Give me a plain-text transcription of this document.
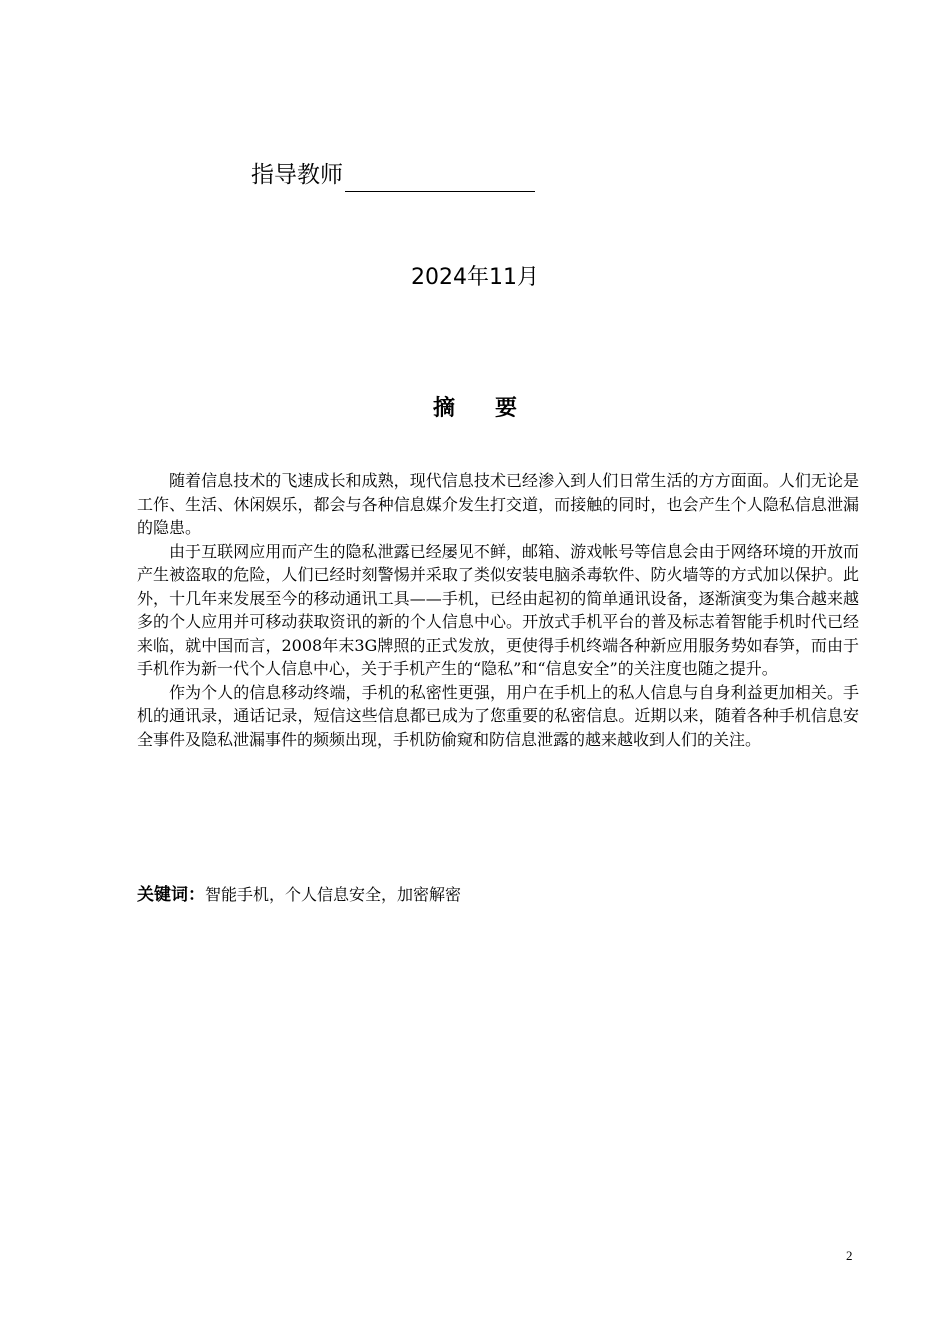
指导教师
2024年11月
摘要

随着信息技术的飞速成长和成熟，现代信息技术已经渗入到人们日常生活的方方面面。人们无论是工作、生活、休闲娱乐，都会与各种信息媒介发生打交道，而接触的同时，也会产生个人隐私信息泄漏的隐患。

由于互联网应用而产生的隐私泄露已经屡见不鲜，邮箱、游戏帐号等信息会由于网络环境的开放而产生被盗取的危险，人们已经时刻警惕并采取了类似安装电脑杀毒软件、防火墙等的方式加以保护。此外，十几年来发展至今的移动通讯工具——手机，已经由起初的简单通讯设备，逐渐演变为集合越来越多的个人应用并可移动获取资讯的新的个人信息中心。开放式手机平台的普及标志着智能手机时代已经来临，就中国而言，2008年末3G牌照的正式发放，更使得手机终端各种新应用服务势如春笋，而由于手机作为新一代个人信息中心，关于手机产生的“隐私”和“信息安全”的关注度也随之提升。

作为个人的信息移动终端，手机的私密性更强，用户在手机上的私人信息与自身利益更加相关。手机的通讯录，通话记录，短信这些信息都已成为了您重要的私密信息。近期以来，随着各种手机信息安全事件及隐私泄漏事件的频频出现，手机防偷窥和防信息泄露的越来越收到人们的关注。

关键词：智能手机，个人信息安全，加密解密
2
